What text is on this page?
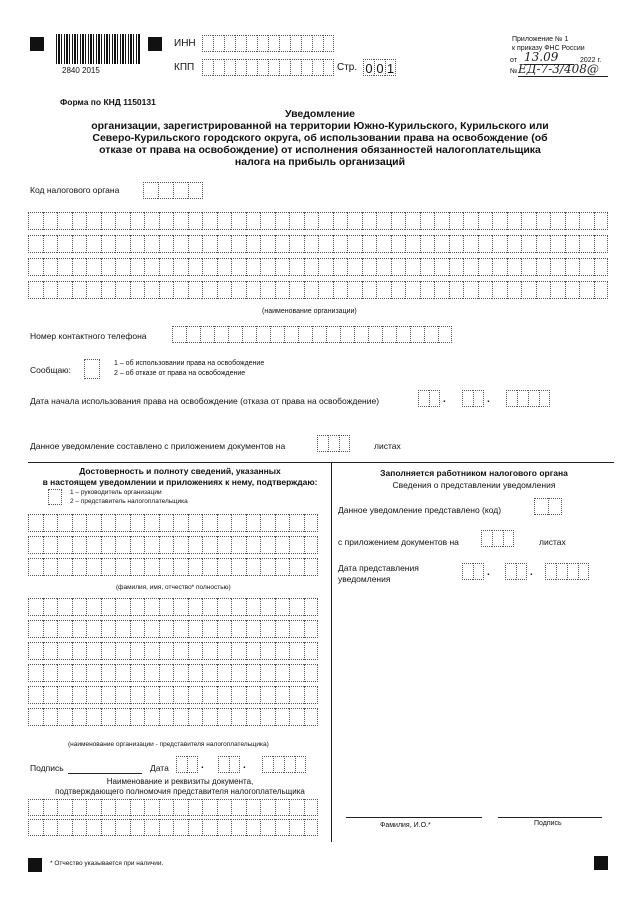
2840 2015
ИНН
КПП	Стр. 0 0 1
Приложение № 1
к приказу ФНС России
от 13.09	2022 г.
№ ЕД-7-3/408@
Форма по КНД 1150131
Уведомление
организации, зарегистрированной на территории Южно-Курильского, Курильского или
Северо-Курильского городского округа, об использовании права на освобождение (об
отказе от права на освобождение) от исполнения обязанностей налогоплательщика
налога на прибыль организаций
Код налогового органа
(наименование организации)
Номер контактного телефона
Сообщаю:
1 – об использовании права на освобождение
2 – об отказе от права на освобождение
Дата начала использования права на освобождение (отказа от права на освобождение)	.	.
Данное уведомление составлено с приложением документов на	листах
Достоверность и полноту сведений, указанных
в настоящем уведомлении и приложениях к нему, подтверждаю:
1 – руководитель организации
2 – представитель налогоплательщика
(фамилия, имя, отчество* полностью)
(наименование организации - представителя налогоплательщика)
Подпись	Дата	.	.
Наименование и реквизиты документа,
подтверждающего полномочия представителя налогоплательщика
Заполняется работником налогового органа
Сведения о представлении уведомления
Данное уведомление представлено (код)
с приложением документов на	листах
Дата представления
уведомления
.	.
Фамилия, И.О.*	Подпись
* Отчество указывается при наличии.
